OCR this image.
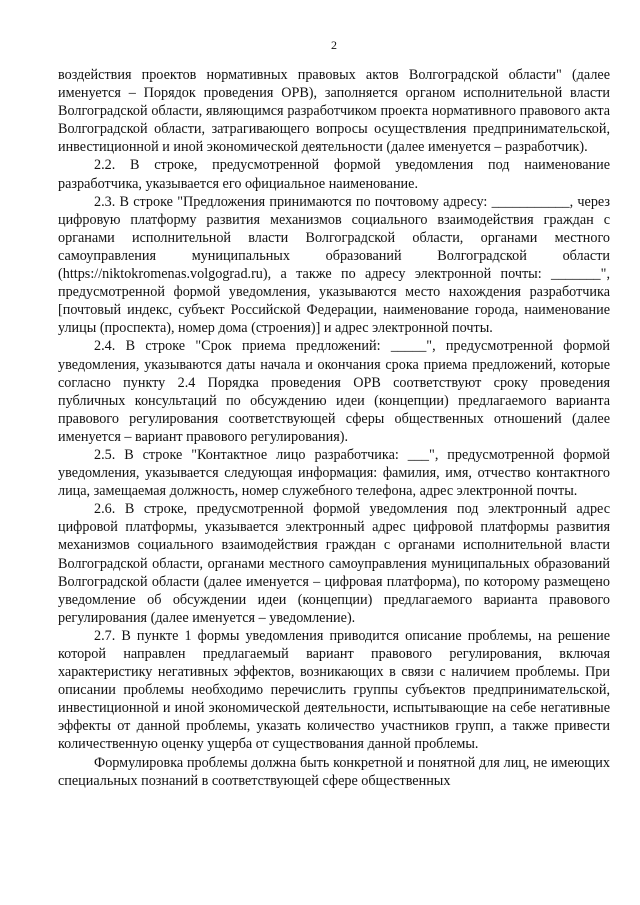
2

воздействия проектов нормативных правовых актов Волгоградской области" (далее именуется – Порядок проведения ОРВ), заполняется органом исполнительной власти Волгоградской области, являющимся разработчиком проекта нормативного правового акта Волгоградской области, затрагивающего вопросы осуществления предпринимательской, инвестиционной и иной экономической деятельности (далее именуется – разработчик).

2.2. В строке, предусмотренной формой уведомления под наименование разработчика, указывается его официальное наименование.

2.3. В строке "Предложения принимаются по почтовому адресу: ___________, через цифровую платформу развития механизмов социального взаимодействия граждан с органами исполнительной власти Волгоградской области, органами местного самоуправления муниципальных образований Волгоградской области (https://niktokromenas.volgograd.ru), а также по адресу электронной почты: _______", предусмотренной формой уведомления, указываются место нахождения разработчика [почтовый индекс, субъект Российской Федерации, наименование города, наименование улицы (проспекта), номер дома (строения)] и адрес электронной почты.

2.4. В строке "Срок приема предложений: _____", предусмотренной формой уведомления, указываются даты начала и окончания срока приема предложений, которые согласно пункту 2.4 Порядка проведения ОРВ соответствуют сроку проведения публичных консультаций по обсуждению идеи (концепции) предлагаемого варианта правового регулирования соответствующей сферы общественных отношений (далее именуется – вариант правового регулирования).

2.5. В строке "Контактное лицо разработчика: ___", предусмотренной формой уведомления, указывается следующая информация: фамилия, имя, отчество контактного лица, замещаемая должность, номер служебного телефона, адрес электронной почты.

2.6. В строке, предусмотренной формой уведомления под электронный адрес цифровой платформы, указывается электронный адрес цифровой платформы развития механизмов социального взаимодействия граждан с органами исполнительной власти Волгоградской области, органами местного самоуправления муниципальных образований Волгоградской области (далее именуется – цифровая платформа), по которому размещено уведомление об обсуждении идеи (концепции) предлагаемого варианта правового регулирования (далее именуется – уведомление).

2.7. В пункте 1 формы уведомления приводится описание проблемы, на решение которой направлен предлагаемый вариант правового регулирования, включая характеристику негативных эффектов, возникающих в связи с наличием проблемы. При описании проблемы необходимо перечислить группы субъектов предпринимательской, инвестиционной и иной экономической деятельности, испытывающие на себе негативные эффекты от данной проблемы, указать количество участников групп, а также привести количественную оценку ущерба от существования данной проблемы.

Формулировка проблемы должна быть конкретной и понятной для лиц, не имеющих специальных познаний в соответствующей сфере общественных
